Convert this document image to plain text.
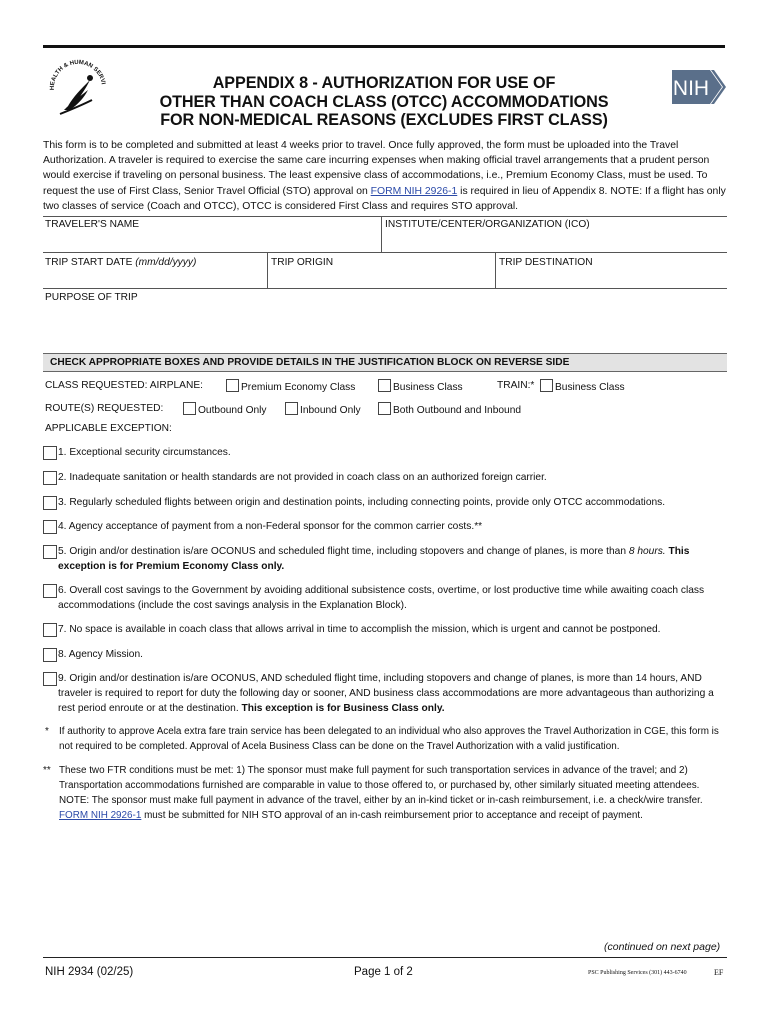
HEALTH & HUMAN SERVI	APPENDIX 8 - AUTHORIZATION FOR USE OF
OTHER THAN COACH CLASS (OTCC) ACCOMMODATIONS
FOR NON-MEDICAL REASONS (EXCLUDES FIRST CLASS)
NIH
This form is to be completed and submitted at least 4 weeks prior to travel. Once fully approved, the form must be uploaded into the Travel Authorization. A traveler is required to exercise the same care incurring expenses when making official travel arrangements that a prudent person would exercise if traveling on personal business. The least expensive class of accommodations, i.e., Premium Economy Class, must be used. To request the use of First Class, Senior Travel Official (STO) approval on FORM NIH 2926-1 is required in lieu of Appendix 8. NOTE: If a flight has only two classes of service (Coach and OTCC), OTCC is considered First Class and requires STO approval.
TRAVELER'S NAME	INSTITUTE/CENTER/ORGANIZATION (ICO)
TRIP START DATE (mm/dd/yyyy)	TRIP ORIGIN	TRIP DESTINATION
PURPOSE OF TRIP
CHECK APPROPRIATE BOXES AND PROVIDE DETAILS IN THE JUSTIFICATION BLOCK ON REVERSE SIDE
CLASS REQUESTED: AIRPLANE:	Premium Economy Class	Business Class	TRAIN:*	Business Class
ROUTE(S) REQUESTED:	Outbound Only	Inbound Only	Both Outbound and Inbound
APPLICABLE EXCEPTION:
1. Exceptional security circumstances.
2. Inadequate sanitation or health standards are not provided in coach class on an authorized foreign carrier.
3. Regularly scheduled flights between origin and destination points, including connecting points, provide only OTCC accommodations.
4. Agency acceptance of payment from a non-Federal sponsor for the common carrier costs.**
5. Origin and/or destination is/are OCONUS and scheduled flight time, including stopovers and change of planes, is more than 8 hours. This exception is for Premium Economy Class only.
6. Overall cost savings to the Government by avoiding additional subsistence costs, overtime, or lost productive time while awaiting coach class accommodations (include the cost savings analysis in the Explanation Block).
7. No space is available in coach class that allows arrival in time to accomplish the mission, which is urgent and cannot be postponed.
8. Agency Mission.
9. Origin and/or destination is/are OCONUS, AND scheduled flight time, including stopovers and change of planes, is more than 14 hours, AND traveler is required to report for duty the following day or sooner, AND business class accommodations are more advantageous than authorizing a rest period enroute or at the destination. This exception is for Business Class only.
* If authority to approve Acela extra fare train service has been delegated to an individual who also approves the Travel Authorization in CGE, this form is not required to be completed. Approval of Acela Business Class can be done on the Travel Authorization with a valid justification.
** These two FTR conditions must be met: 1) The sponsor must make full payment for such transportation services in advance of the travel; and 2) Transportation accommodations furnished are comparable in value to those offered to, or purchased by, other similarly situated meeting attendees. NOTE: The sponsor must make full payment in advance of the travel, either by an in-kind ticket or in-cash reimbursement, i.e. a check/wire transfer. FORM NIH 2926-1 must be submitted for NIH STO approval of an in-cash reimbursement prior to acceptance and receipt of payment.
(continued on next page)
NIH 2934 (02/25)	Page 1 of 2	PSC Publishing Services (301) 443-6740	EF
